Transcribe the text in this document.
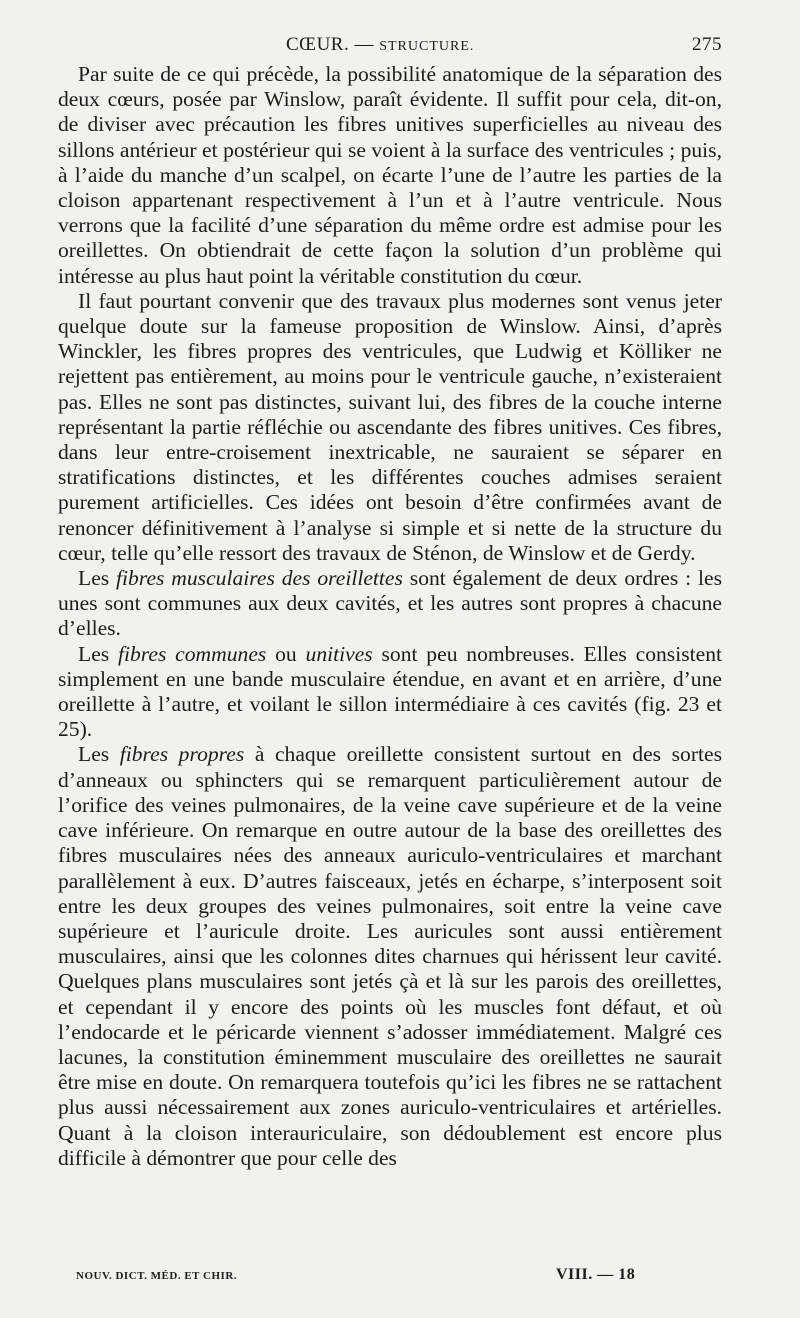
CŒUR. — STRUCTURE.	275

Par suite de ce qui précède, la possibilité anatomique de la séparation des deux cœurs, posée par Winslow, paraît évidente. Il suffit pour cela, dit-on, de diviser avec précaution les fibres unitives superficielles au niveau des sillons antérieur et postérieur qui se voient à la surface des ventricules ; puis, à l’aide du manche d’un scalpel, on écarte l’une de l’autre les parties de la cloison appartenant respectivement à l’un et à l’autre ventricule. Nous verrons que la facilité d’une séparation du même ordre est admise pour les oreillettes. On obtiendrait de cette façon la solution d’un problème qui intéresse au plus haut point la véritable constitution du cœur.

Il faut pourtant convenir que des travaux plus modernes sont venus jeter quelque doute sur la fameuse proposition de Winslow. Ainsi, d’après Winckler, les fibres propres des ventricules, que Ludwig et Kölliker ne rejettent pas entièrement, au moins pour le ventricule gauche, n’existeraient pas. Elles ne sont pas distinctes, suivant lui, des fibres de la couche interne représentant la partie réfléchie ou ascendante des fibres unitives. Ces fibres, dans leur entre-croisement inextricable, ne sauraient se séparer en stratifications distinctes, et les différentes couches admises seraient purement artificielles. Ces idées ont besoin d’être confirmées avant de renoncer définitivement à l’analyse si simple et si nette de la structure du cœur, telle qu’elle ressort des travaux de Sténon, de Winslow et de Gerdy.

Les fibres musculaires des oreillettes sont également de deux ordres : les unes sont communes aux deux cavités, et les autres sont propres à chacune d’elles.

Les fibres communes ou unitives sont peu nombreuses. Elles consistent simplement en une bande musculaire étendue, en avant et en arrière, d’une oreillette à l’autre, et voilant le sillon intermédiaire à ces cavités (fig. 23 et 25).

Les fibres propres à chaque oreillette consistent surtout en des sortes d’anneaux ou sphincters qui se remarquent particulièrement autour de l’orifice des veines pulmonaires, de la veine cave supérieure et de la veine cave inférieure. On remarque en outre autour de la base des oreillettes des fibres musculaires nées des anneaux auriculo-ventriculaires et marchant parallèlement à eux. D’autres faisceaux, jetés en écharpe, s’interposent soit entre les deux groupes des veines pulmonaires, soit entre la veine cave supérieure et l’auricule droite. Les auricules sont aussi entièrement musculaires, ainsi que les colonnes dites charnues qui hérissent leur cavité. Quelques plans musculaires sont jetés çà et là sur les parois des oreillettes, et cependant il y encore des points où les muscles font défaut, et où l’endocarde et le péricarde viennent s’adosser immédiatement. Malgré ces lacunes, la constitution éminemment musculaire des oreillettes ne saurait être mise en doute. On remarquera toutefois qu’ici les fibres ne se rattachent plus aussi nécessairement aux zones auriculo-ventriculaires et artérielles. Quant à la cloison interauriculaire, son dédoublement est encore plus difficile à démontrer que pour celle des

NOUV. DICT. MÉD. ET CHIR.	VIII. — 18
